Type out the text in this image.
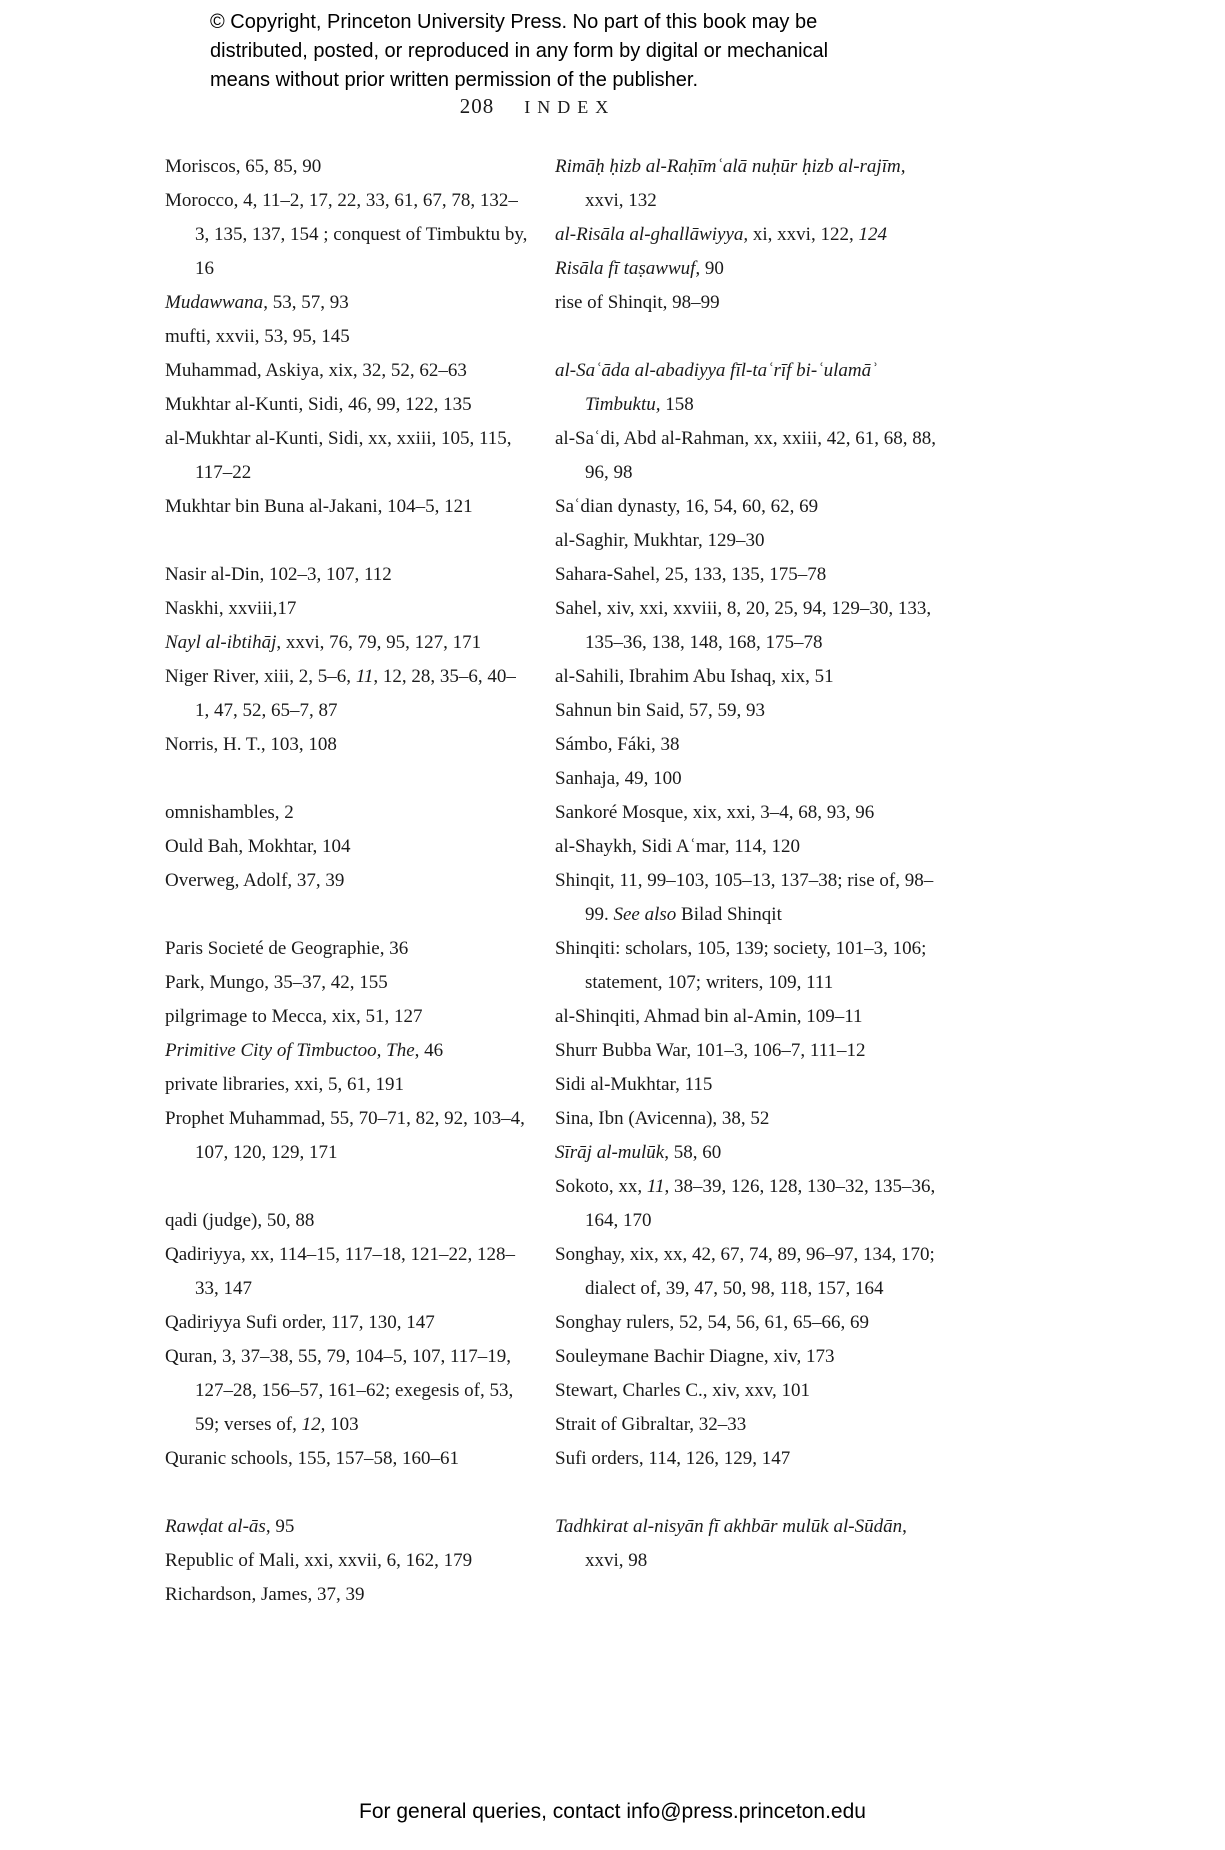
© Copyright, Princeton University Press. No part of this book may be
distributed, posted, or reproduced in any form by digital or mechanical
means without prior written permission of the publisher.
208 INDEX

Moriscos, 65, 85, 90

Morocco, 4, 11–2, 17, 22, 33, 61, 67, 78, 132–3, 135, 137, 154 ; conquest of Timbuktu by, 16

Mudawwana, 53, 57, 93

mufti, xxvii, 53, 95, 145

Muhammad, Askiya, xix, 32, 52, 62–63

Mukhtar al-Kunti, Sidi, 46, 99, 122, 135

al-Mukhtar al-Kunti, Sidi, xx, xxiii, 105, 115, 117–22

Mukhtar bin Buna al-Jakani, 104–5, 121

Nasir al-Din, 102–3, 107, 112

Naskhi, xxviii,17

Nayl al-ibtihāj, xxvi, 76, 79, 95, 127, 171

Niger River, xiii, 2, 5–6, 11, 12, 28, 35–6, 40–1, 47, 52, 65–7, 87

Norris, H. T., 103, 108

omnishambles, 2

Ould Bah, Mokhtar, 104

Overweg, Adolf, 37, 39

Paris Societé de Geographie, 36

Park, Mungo, 35–37, 42, 155

pilgrimage to Mecca, xix, 51, 127

Primitive City of Timbuctoo, The, 46

private libraries, xxi, 5, 61, 191

Prophet Muhammad, 55, 70–71, 82, 92, 103–4, 107, 120, 129, 171

qadi (judge), 50, 88

Qadiriyya, xx, 114–15, 117–18, 121–22, 128–33, 147

Qadiriyya Sufi order, 117, 130, 147

Quran, 3, 37–38, 55, 79, 104–5, 107, 117–19, 127–28, 156–57, 161–62; exegesis of, 53, 59; verses of, 12, 103

Quranic schools, 155, 157–58, 160–61

Rawḍat al-ās, 95

Republic of Mali, xxi, xxvii, 6, 162, 179

Richardson, James, 37, 39

Rimāḥ ḥizb al-Raḥīmʿalā nuḥūr ḥizb al-rajīm, xxvi, 132

al-Risāla al-ghallāwiyya, xi, xxvi, 122, 124

Risāla fī taṣawwuf, 90

rise of Shinqit, 98–99

al-Saʿāda al-abadiyya fīl-taʿrīf bi-ʿulamāʾ Timbuktu, 158

al-Saʿdi, Abd al-Rahman, xx, xxiii, 42, 61, 68, 88, 96, 98

Saʿdian dynasty, 16, 54, 60, 62, 69

al-Saghir, Mukhtar, 129–30

Sahara-Sahel, 25, 133, 135, 175–78

Sahel, xiv, xxi, xxviii, 8, 20, 25, 94, 129–30, 133, 135–36, 138, 148, 168, 175–78

al-Sahili, Ibrahim Abu Ishaq, xix, 51

Sahnun bin Said, 57, 59, 93

Sámbo, Fáki, 38

Sanhaja, 49, 100

Sankoré Mosque, xix, xxi, 3–4, 68, 93, 96

al-Shaykh, Sidi Aʿmar, 114, 120

Shinqit, 11, 99–103, 105–13, 137–38; rise of, 98–99. See also Bilad Shinqit

Shinqiti: scholars, 105, 139; society, 101–3, 106; statement, 107; writers, 109, 111

al-Shinqiti, Ahmad bin al-Amin, 109–11

Shurr Bubba War, 101–3, 106–7, 111–12

Sidi al-Mukhtar, 115

Sina, Ibn (Avicenna), 38, 52

Sīrāj al-mulūk, 58, 60

Sokoto, xx, 11, 38–39, 126, 128, 130–32, 135–36, 164, 170

Songhay, xix, xx, 42, 67, 74, 89, 96–97, 134, 170; dialect of, 39, 47, 50, 98, 118, 157, 164

Songhay rulers, 52, 54, 56, 61, 65–66, 69

Souleymane Bachir Diagne, xiv, 173

Stewart, Charles C., xiv, xxv, 101

Strait of Gibraltar, 32–33

Sufi orders, 114, 126, 129, 147

Tadhkirat al-nisyān fī akhbār mulūk al-Sūdān, xxvi, 98

For general queries, contact info@press.princeton.edu
